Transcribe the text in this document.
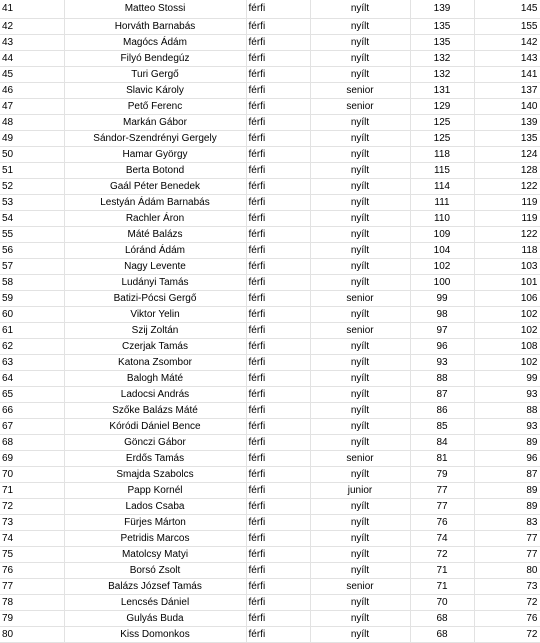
41	Matteo Stossi	férfi	nyílt	139	145
42	Horváth Barnabás	férfi	nyílt	135	155
43	Magócs Ádám	férfi	nyílt	135	142
44	Filyó Bendegúz	férfi	nyílt	132	143
45	Turi Gergő	férfi	nyílt	132	141
46	Slavic Károly	férfi	senior	131	137
47	Pető Ferenc	férfi	senior	129	140
48	Markán Gábor	férfi	nyílt	125	139
49	Sándor-Szendrényi Gergely	férfi	nyílt	125	135
50	Hamar György	férfi	nyílt	118	124
51	Berta Botond	férfi	nyílt	115	128
52	Gaál Péter Benedek	férfi	nyílt	114	122
53	Lestyán Ádám Barnabás	férfi	nyílt	111	119
54	Rachler Áron	férfi	nyílt	110	119
55	Máté Balázs	férfi	nyílt	109	122
56	Lóránd Ádám	férfi	nyílt	104	118
57	Nagy Levente	férfi	nyílt	102	103
58	Ludányi Tamás	férfi	nyílt	100	101
59	Batizi-Pócsi Gergő	férfi	senior	99	106
60	Viktor Yelin	férfi	nyílt	98	102
61	Szij Zoltán	férfi	senior	97	102
62	Czerjak Tamás	férfi	nyílt	96	108
63	Katona Zsombor	férfi	nyílt	93	102
64	Balogh Máté	férfi	nyílt	88	99
65	Ladocsi András	férfi	nyílt	87	93
66	Szőke Balázs Máté	férfi	nyílt	86	88
67	Kóródi Dániel Bence	férfi	nyílt	85	93
68	Gönczi Gábor	férfi	nyílt	84	89
69	Erdős Tamás	férfi	senior	81	96
70	Smajda Szabolcs	férfi	nyílt	79	87
71	Papp Kornél	férfi	junior	77	89
72	Lados Csaba	férfi	nyílt	77	89
73	Fürjes Márton	férfi	nyílt	76	83
74	Petridis Marcos	férfi	nyílt	74	77
75	Matolcsy Matyi	férfi	nyílt	72	77
76	Borsó Zsolt	férfi	nyílt	71	80
77	Balázs József Tamás	férfi	senior	71	73
78	Lencsés Dániel	férfi	nyílt	70	72
79	Gulyás Buda	férfi	nyílt	68	76
80	Kiss Domonkos	férfi	nyílt	68	72
